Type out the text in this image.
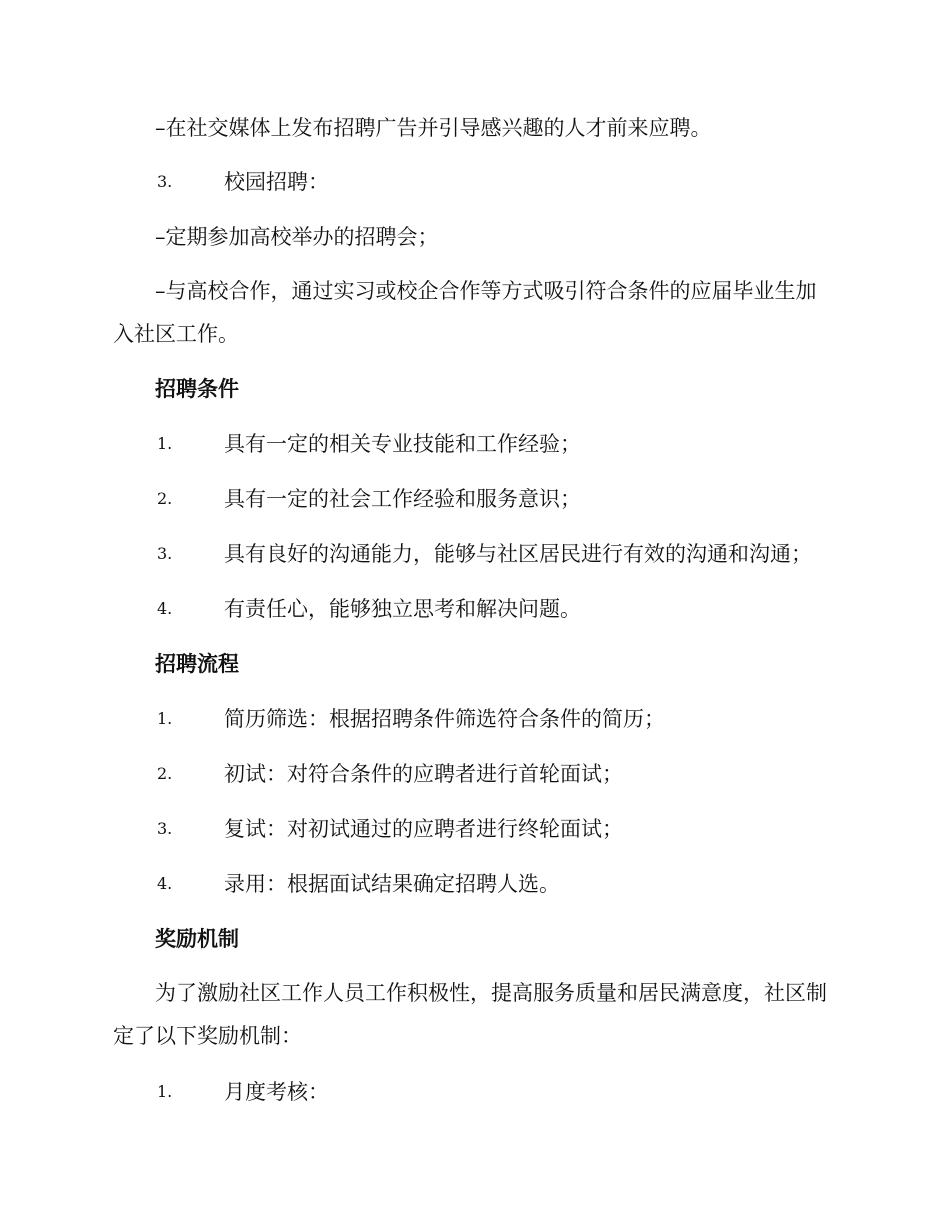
–在社交媒体上发布招聘广告并引导感兴趣的人才前来应聘。
3. 校园招聘：
–定期参加高校举办的招聘会；
–与高校合作，通过实习或校企合作等方式吸引符合条件的应届毕业生加入社区工作。
招聘条件
1. 具有一定的相关专业技能和工作经验；
2. 具有一定的社会工作经验和服务意识；
3. 具有良好的沟通能力，能够与社区居民进行有效的沟通和沟通；
4. 有责任心，能够独立思考和解决问题。
招聘流程
1. 简历筛选：根据招聘条件筛选符合条件的简历；
2. 初试：对符合条件的应聘者进行首轮面试；
3. 复试：对初试通过的应聘者进行终轮面试；
4. 录用：根据面试结果确定招聘人选。
奖励机制
为了激励社区工作人员工作积极性，提高服务质量和居民满意度，社区制定了以下奖励机制：
1. 月度考核：
